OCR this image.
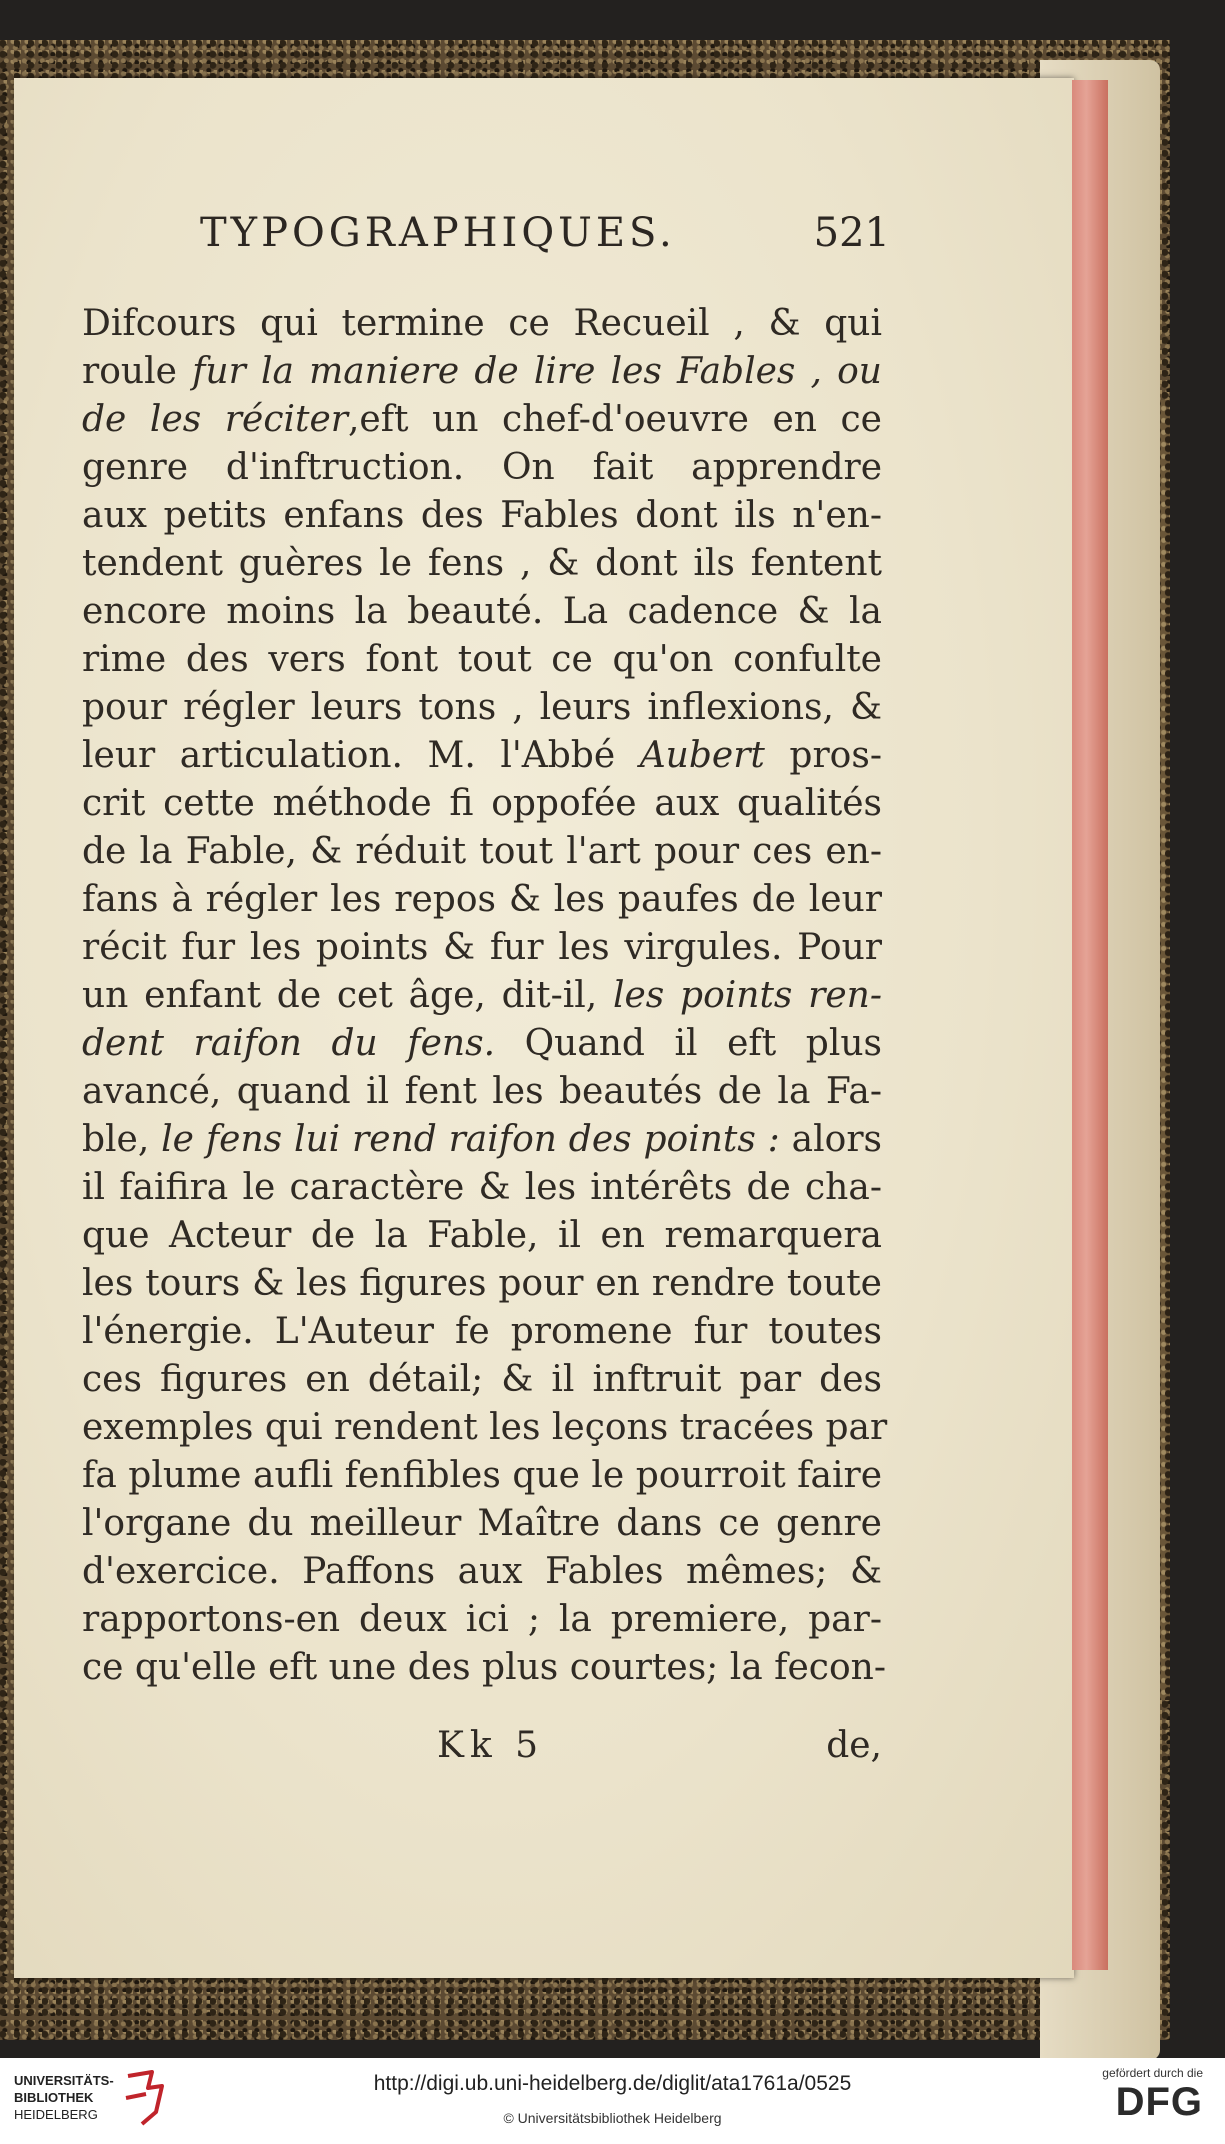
TYPOGRAPHIQUES.	521
Difcours qui termine ce Recueil , & qui
roule fur la maniere de lire les Fables , ou
de les réciter,eft un chef-d'oeuvre en ce
genre d'inftruction. On fait apprendre
aux petits enfans des Fables dont ils n'en-
tendent guères le fens , & dont ils fentent
encore moins la beauté. La cadence & la
rime des vers font tout ce qu'on confulte
pour régler leurs tons , leurs inflexions, &
leur articulation. M. l'Abbé Aubert pros-
crit cette méthode fi oppofée aux qualités
de la Fable, & réduit tout l'art pour ces en-
fans à régler les repos & les paufes de leur
récit fur les points & fur les virgules. Pour
un enfant de cet âge, dit-il, les points ren-
dent raifon du fens. Quand il eft plus
avancé, quand il fent les beautés de la Fa-
ble, le fens lui rend raifon des points : alors
il faifira le caractère & les intérêts de cha-
que Acteur de la Fable, il en remarquera
les tours & les figures pour en rendre toute
l'énergie. L'Auteur fe promene fur toutes
ces figures en détail; & il inftruit par des
exemples qui rendent les leçons tracées par
fa plume aufli fenfibles que le pourroit faire
l'organe du meilleur Maître dans ce genre
d'exercice. Paffons aux Fables mêmes; &
rapportons-en deux ici ; la premiere, par-
ce qu'elle eft une des plus courtes; la fecon-
Kk 5	de,
UNIVERSITÄTS-
BIBLIOTHEK
HEIDELBERG
http://digi.ub.uni-heidelberg.de/diglit/ata1761a/0525
© Universitätsbibliothek Heidelberg
gefördert durch die
DFG
